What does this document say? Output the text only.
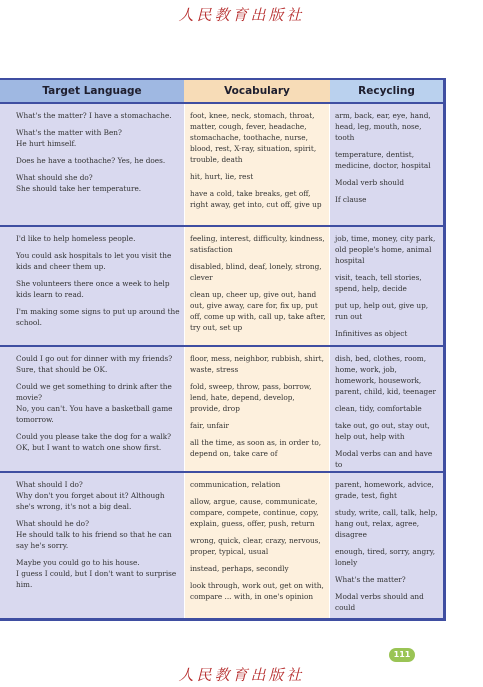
人民教育出版社
Target Language	Vocabulary	Recycling
What's the matter? I have a stomachache.
What's the matter with Ben?
He hurt himself.
Does he have a toothache? Yes, he does.
What should she do?
She should take her temperature.
foot, knee, neck, stomach, throat, matter, cough, fever, headache, stomachache, toothache, nurse, blood, rest, X-ray, situation, spirit, trouble, death
hit, hurt, lie, rest
have a cold, take breaks, get off, right away, get into, cut off, give up
arm, back, ear, eye, hand, head, leg, mouth, nose, tooth
temperature, dentist, medicine, doctor, hospital
Modal verb should
If clause
I'd like to help homeless people.
You could ask hospitals to let you visit the kids and cheer them up.
She volunteers there once a week to help kids learn to read.
I'm making some signs to put up around the school.
feeling, interest, difficulty, kindness, satisfaction
disabled, blind, deaf, lonely, strong, clever
clean up, cheer up, give out, hand out, give away, care for, fix up, put off, come up with, call up, take after, try out, set up
job, time, money, city park, old people's home, animal hospital
visit, teach, tell stories, spend, help, decide
put up, help out, give up, run out
Infinitives as object
Could I go out for dinner with my friends?
Sure, that should be OK.
Could we get something to drink after the movie?
No, you can't. You have a basketball game tomorrow.
Could you please take the dog for a walk?
OK, but I want to watch one show first.
floor, mess, neighbor, rubbish, shirt, waste, stress
fold, sweep, throw, pass, borrow, lend, hate, depend, develop, provide, drop
fair, unfair
all the time, as soon as, in order to, depend on, take care of
dish, bed, clothes, room, home, work, job, homework, housework, parent, child, kid, teenager
clean, tidy, comfortable
take out, go out, stay out, help out, help with
Modal verbs can and have to
What should I do?
Why don't you forget about it? Although she's wrong, it's not a big deal.
What should he do?
He should talk to his friend so that he can say he's sorry.
Maybe you could go to his house.
I guess I could, but I don't want to surprise him.
communication, relation
allow, argue, cause, communicate, compare, compete, continue, copy, explain, guess, offer, push, return
wrong, quick, clear, crazy, nervous, proper, typical, usual
instead, perhaps, secondly
look through, work out, get on with, compare ... with, in one's opinion
parent, homework, advice, grade, test, fight
study, write, call, talk, help, hang out, relax, agree, disagree
enough, tired, sorry, angry, lonely
What's the matter?
Modal verbs should and could
111
人民教育出版社
